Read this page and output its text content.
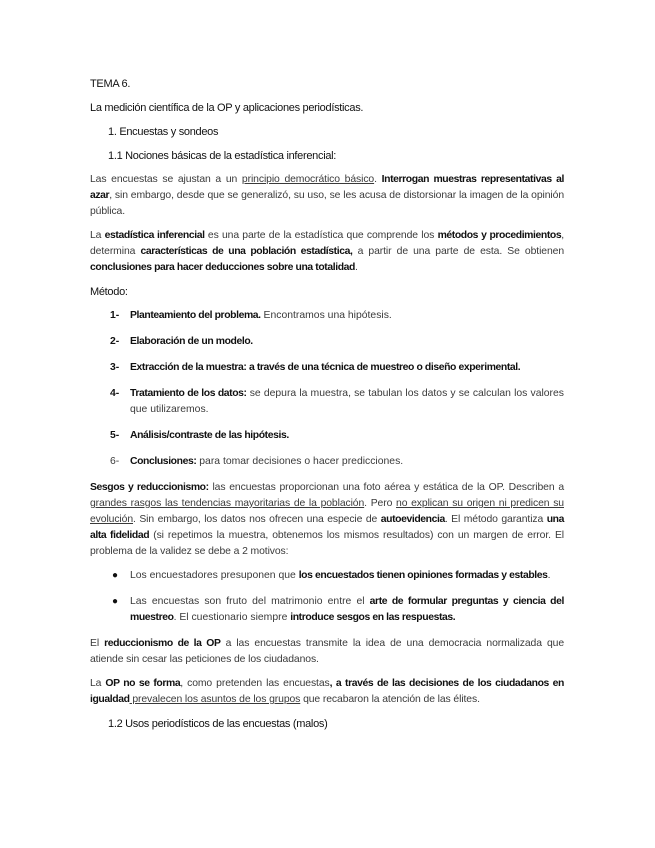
TEMA 6.
La medición científica de la OP y aplicaciones periodísticas.
1. Encuestas y sondeos
1.1 Nociones básicas de la estadística inferencial:

Las encuestas se ajustan a un principio democrático básico. Interrogan muestras representativas al azar, sin embargo, desde que se generalizó, su uso, se les acusa de distorsionar la imagen de la opinión pública.

La estadística inferencial es una parte de la estadística que comprende los métodos y procedimientos, determina características de una población estadística, a partir de una parte de esta. Se obtienen conclusiones para hacer deducciones sobre una totalidad.

Método:
1- Planteamiento del problema. Encontramos una hipótesis.
2- Elaboración de un modelo.
3- Extracción de la muestra: a través de una técnica de muestreo o diseño experimental.
4- Tratamiento de los datos: se depura la muestra, se tabulan los datos y se calculan los valores que utilizaremos.
5- Análisis/contraste de las hipótesis.
6- Conclusiones: para tomar decisiones o hacer predicciones.

Sesgos y reduccionismo: las encuestas proporcionan una foto aérea y estática de la OP. Describen a grandes rasgos las tendencias mayoritarias de la población. Pero no explican su origen ni predicen su evolución. Sin embargo, los datos nos ofrecen una especie de autoevidencia. El método garantiza una alta fidelidad (si repetimos la muestra, obtenemos los mismos resultados) con un margen de error. El problema de la validez se debe a 2 motivos:

● Los encuestadores presuponen que los encuestados tienen opiniones formadas y estables.
● Las encuestas son fruto del matrimonio entre el arte de formular preguntas y ciencia del muestreo. El cuestionario siempre introduce sesgos en las respuestas.

El reduccionismo de la OP a las encuestas transmite la idea de una democracia normalizada que atiende sin cesar las peticiones de los ciudadanos.

La OP no se forma, como pretenden las encuestas, a través de las decisiones de los ciudadanos en igualdad prevalecen los asuntos de los grupos que recabaron la atención de las élites.

1.2 Usos periodísticos de las encuestas (malos)
